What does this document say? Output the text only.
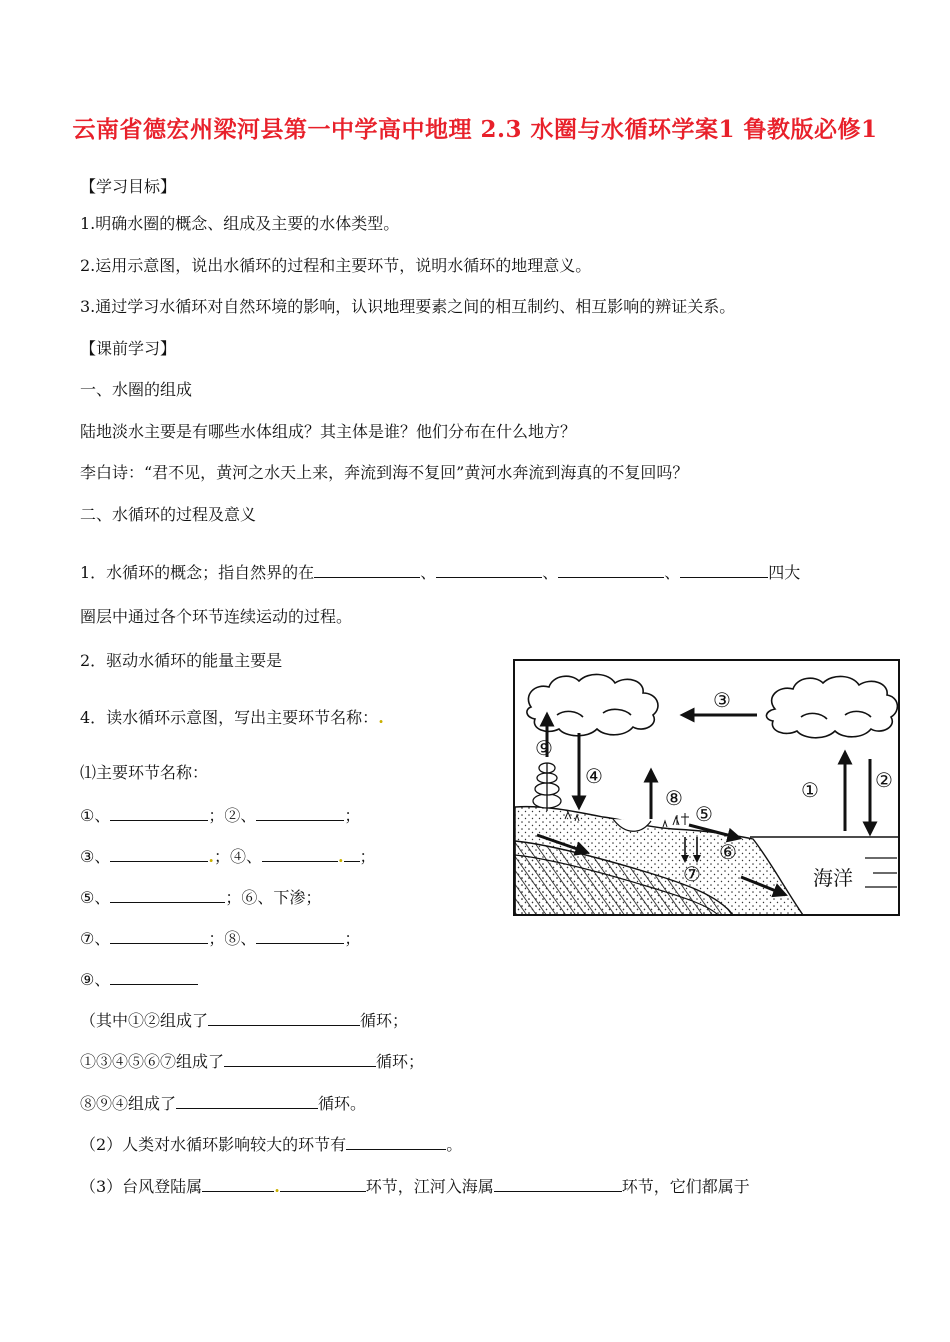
云南省德宏州梁河县第一中学高中地理 2.3 水圈与水循环学案1 鲁教版必修1
【学习目标】
1.明确水圈的概念、组成及主要的水体类型。
2.运用示意图，说出水循环的过程和主要环节，说明水循环的地理意义。
3.通过学习水循环对自然环境的影响，认识地理要素之间的相互制约、相互影响的辨证关系。
【课前学习】
一、水圈的组成
陆地淡水主要是有哪些水体组成？其主体是谁？他们分布在什么地方？
李白诗：“君不见，黄河之水天上来，奔流到海不复回”黄河水奔流到海真的不复回吗？
二、水循环的过程及意义
1．水循环的概念；指自然界的在	、	、	、	四大
圈层中通过各个环节连续运动的过程。
2．驱动水循环的能量主要是
4．读水循环示意图，写出主要环节名称：.
⑴主要环节名称：
①、	；②、	；
③、	.；④、	. ；
⑤、	；⑥、下渗；
⑦、	；⑧、	；
⑨、
（其中①②组成了	循环；
①③④⑤⑥⑦组成了	循环；
⑧⑨④组成了	循环。
（2）人类对水循环影响较大的环节有	。
（3）台风登陆属	.	环节，江河入海属	环节，它们都属于
⑨
④
③
⑧
⑤
⑥
⑦
①	②
海洋
